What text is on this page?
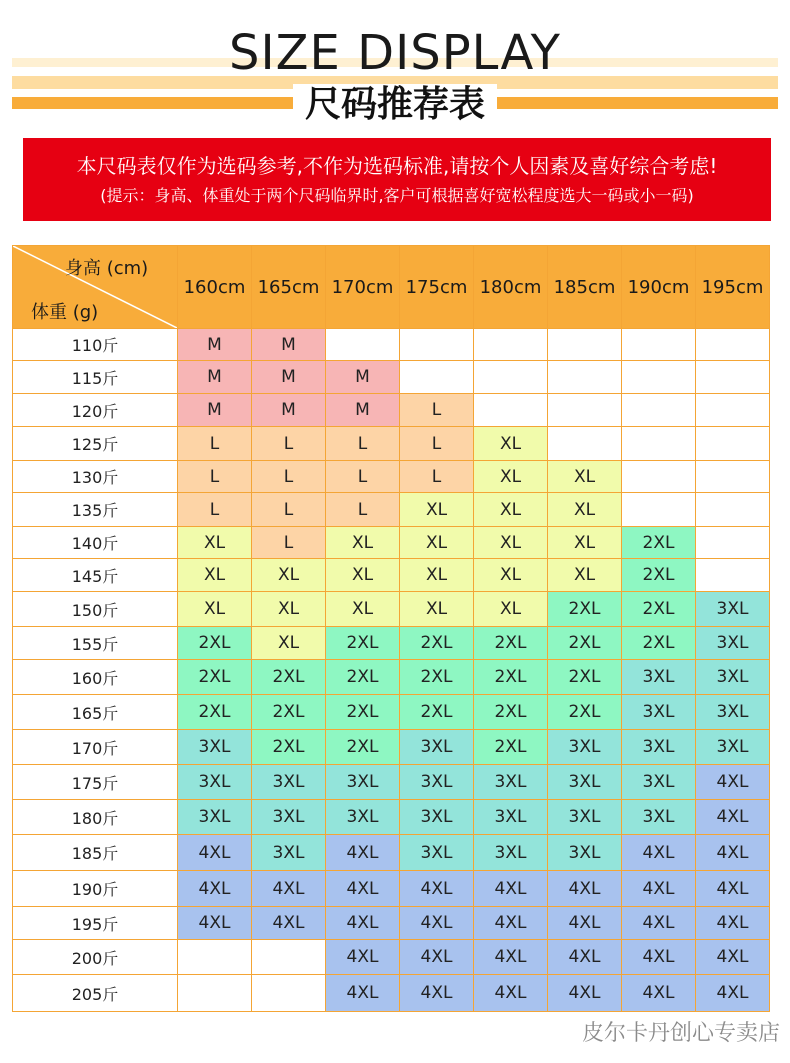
SIZE DISPLAY
尺码推荐表
本尺码表仅作为选码参考,不作为选码标准,请按个人因素及喜好综合考虑!
(提示：身高、体重处于两个尺码临界时,客户可根据喜好宽松程度选大一码或小一码)
身高 (cm)
体重 (g)	160cm	165cm	170cm	175cm	180cm	185cm	190cm	195cm
110斤	M	M						
115斤	M	M	M					
120斤	M	M	M	L				
125斤	L	L	L	L	XL			
130斤	L	L	L	L	XL	XL		
135斤	L	L	L	XL	XL	XL		
140斤	XL	L	XL	XL	XL	XL	2XL	
145斤	XL	XL	XL	XL	XL	XL	2XL	
150斤	XL	XL	XL	XL	XL	2XL	2XL	3XL
155斤	2XL	XL	2XL	2XL	2XL	2XL	2XL	3XL
160斤	2XL	2XL	2XL	2XL	2XL	2XL	3XL	3XL
165斤	2XL	2XL	2XL	2XL	2XL	2XL	3XL	3XL
170斤	3XL	2XL	2XL	3XL	2XL	3XL	3XL	3XL
175斤	3XL	3XL	3XL	3XL	3XL	3XL	3XL	4XL
180斤	3XL	3XL	3XL	3XL	3XL	3XL	3XL	4XL
185斤	4XL	3XL	4XL	3XL	3XL	3XL	4XL	4XL
190斤	4XL	4XL	4XL	4XL	4XL	4XL	4XL	4XL
195斤	4XL	4XL	4XL	4XL	4XL	4XL	4XL	4XL
200斤			4XL	4XL	4XL	4XL	4XL	4XL
205斤			4XL	4XL	4XL	4XL	4XL	4XL
皮尔卡丹创心专卖店
